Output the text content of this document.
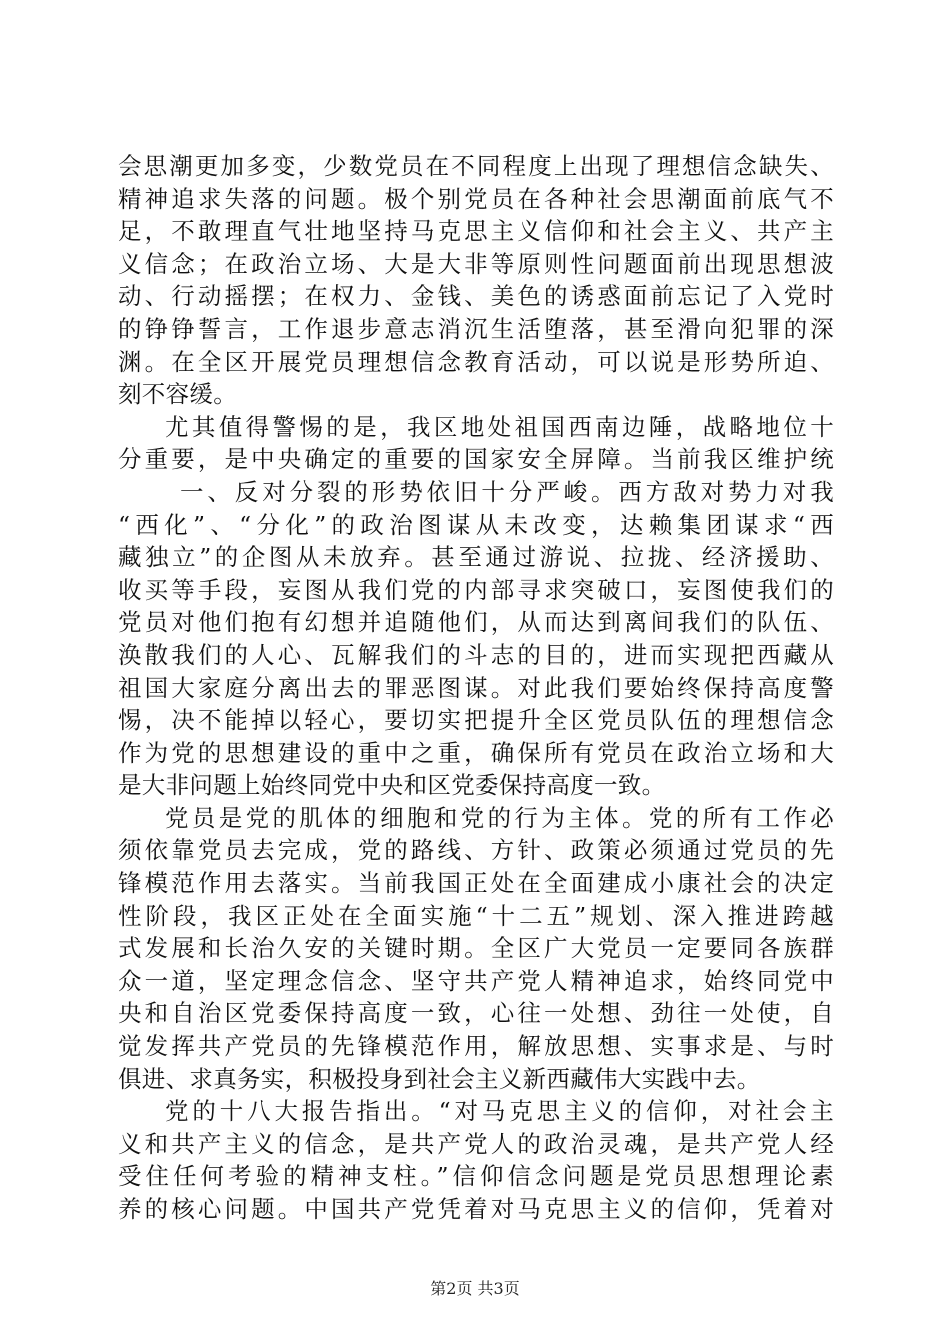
会思潮更加多变，少数党员在不同程度上出现了理想信念缺失、
精神追求失落的问题。极个别党员在各种社会思潮面前底气不
足，不敢理直气壮地坚持马克思主义信仰和社会主义、共产主
义信念；在政治立场、大是大非等原则性问题面前出现思想波
动、行动摇摆；在权力、金钱、美色的诱惑面前忘记了入党时
的铮铮誓言，工作退步意志消沉生活堕落，甚至滑向犯罪的深
渊。在全区开展党员理想信念教育活动，可以说是形势所迫、
刻不容缓。
尤其值得警惕的是，我区地处祖国西南边陲，战略地位十
分重要，是中央确定的重要的国家安全屏障。当前我区维护统
一、反对分裂的形势依旧十分严峻。西方敌对势力对我
“西化”、“分化”的政治图谋从未改变，达赖集团谋求“西
藏独立”的企图从未放弃。甚至通过游说、拉拢、经济援助、
收买等手段，妄图从我们党的内部寻求突破口，妄图使我们的
党员对他们抱有幻想并追随他们，从而达到离间我们的队伍、
涣散我们的人心、瓦解我们的斗志的目的，进而实现把西藏从
祖国大家庭分离出去的罪恶图谋。对此我们要始终保持高度警
惕，决不能掉以轻心，要切实把提升全区党员队伍的理想信念
作为党的思想建设的重中之重，确保所有党员在政治立场和大
是大非问题上始终同党中央和区党委保持高度一致。
党员是党的肌体的细胞和党的行为主体。党的所有工作必
须依靠党员去完成，党的路线、方针、政策必须通过党员的先
锋模范作用去落实。当前我国正处在全面建成小康社会的决定
性阶段，我区正处在全面实施“十二五”规划、深入推进跨越
式发展和长治久安的关键时期。全区广大党员一定要同各族群
众一道，坚定理念信念、坚守共产党人精神追求，始终同党中
央和自治区党委保持高度一致，心往一处想、劲往一处使，自
觉发挥共产党员的先锋模范作用，解放思想、实事求是、与时
俱进、求真务实，积极投身到社会主义新西藏伟大实践中去。
党的十八大报告指出。“对马克思主义的信仰，对社会主
义和共产主义的信念，是共产党人的政治灵魂，是共产党人经
受住任何考验的精神支柱。”信仰信念问题是党员思想理论素
养的核心问题。中国共产党凭着对马克思主义的信仰，凭着对
第2页 共3页
